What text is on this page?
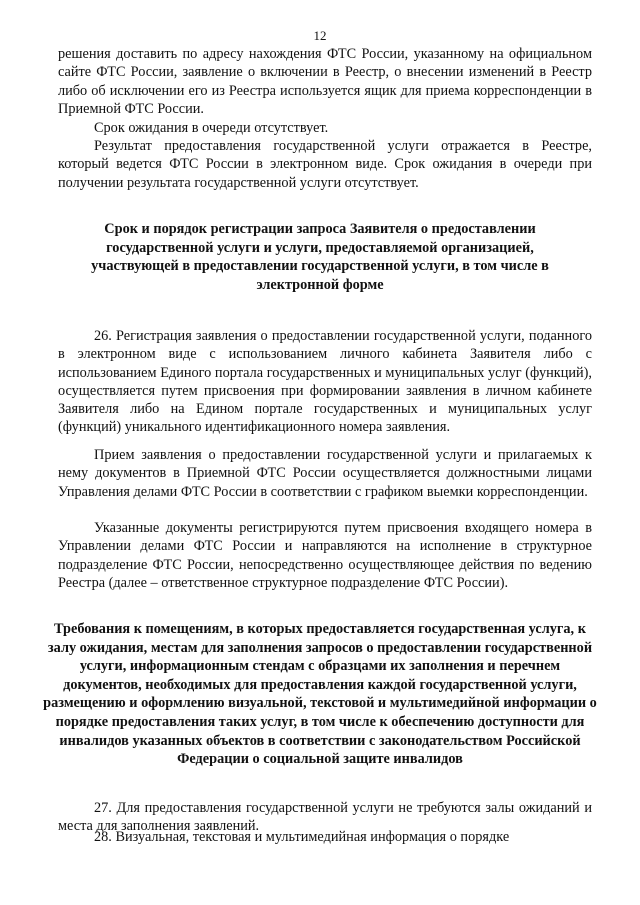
12

решения доставить по адресу нахождения ФТС России, указанному на официальном сайте ФТС России, заявление о включении в Реестр, о внесении изменений в Реестр либо об исключении его из Реестра используется ящик для приема корреспонденции в Приемной ФТС России.

Срок ожидания в очереди отсутствует.

Результат предоставления государственной услуги отражается в Реестре, который ведется ФТС России в электронном виде. Срок ожидания в очереди при получении результата государственной услуги отсутствует.

Срок и порядок регистрации запроса Заявителя о предоставлении государственной услуги и услуги, предоставляемой организацией, участвующей в предоставлении государственной услуги, в том числе в электронной форме

26. Регистрация заявления о предоставлении государственной услуги, поданного в электронном виде с использованием личного кабинета Заявителя либо с использованием Единого портала государственных и муниципальных услуг (функций), осуществляется путем присвоения при формировании заявления в личном кабинете Заявителя либо на Едином портале государственных и муниципальных услуг (функций) уникального идентификационного номера заявления.

Прием заявления о предоставлении государственной услуги и прилагаемых к нему документов в Приемной ФТС России осуществляется должностными лицами Управления делами ФТС России в соответствии с графиком выемки корреспонденции.

Указанные документы регистрируются путем присвоения входящего номера в Управлении делами ФТС России и направляются на исполнение в структурное подразделение ФТС России, непосредственно осуществляющее действия по ведению Реестра (далее – ответственное структурное подразделение ФТС России).

Требования к помещениям, в которых предоставляется государственная услуга, к залу ожидания, местам для заполнения запросов о предоставлении государственной услуги, информационным стендам с образцами их заполнения и перечнем документов, необходимых для предоставления каждой государственной услуги, размещению и оформлению визуальной, текстовой и мультимедийной информации о порядке предоставления таких услуг, в том числе к обеспечению доступности для инвалидов указанных объектов в соответствии с законодательством Российской Федерации о социальной защите инвалидов

27. Для предоставления государственной услуги не требуются залы ожиданий и места для заполнения заявлений.

28. Визуальная, текстовая и мультимедийная информация о порядке
